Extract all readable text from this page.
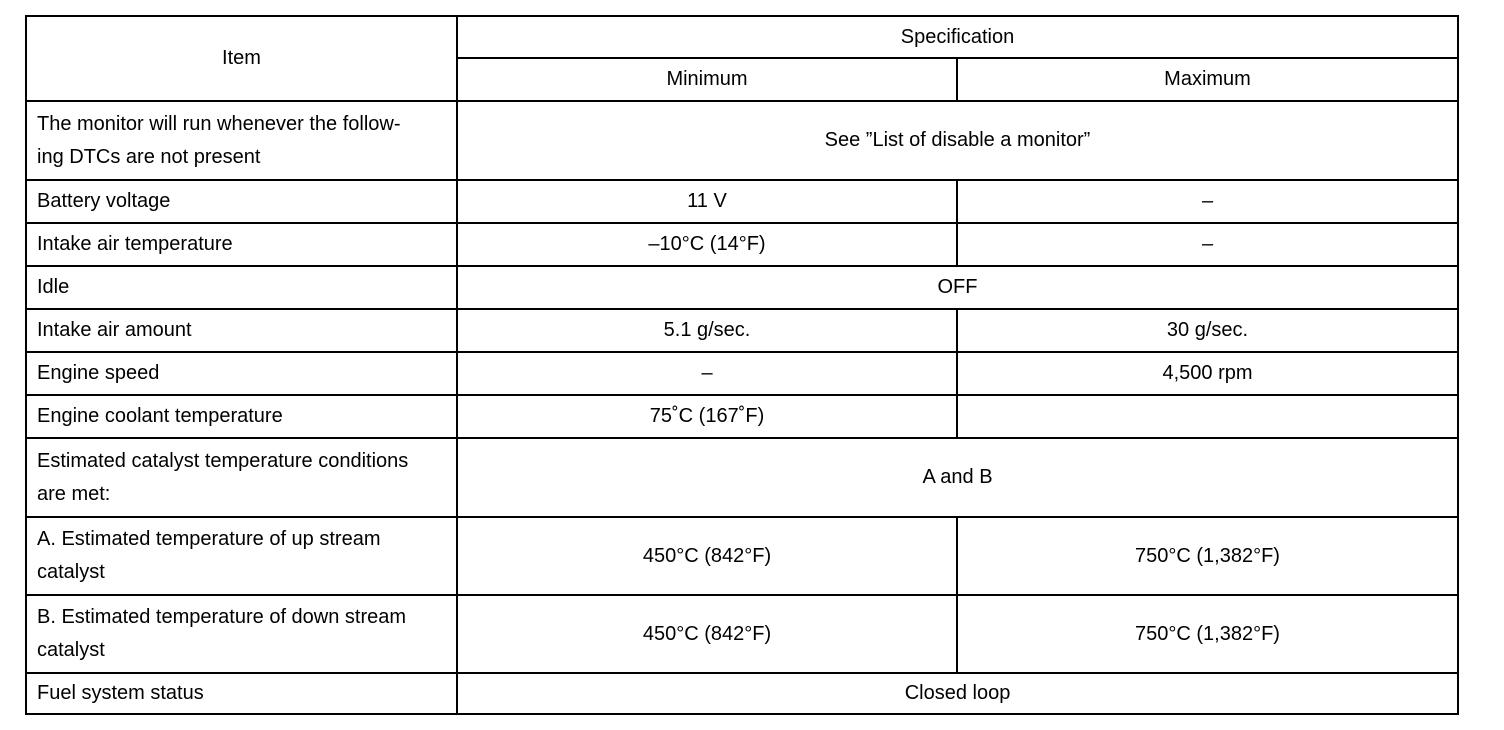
Item	Specification	
	Minimum	Maximum
The monitor will run whenever the follow-
ing DTCs are not present	See ”List of disable a monitor”	
Battery voltage	11 V	–
Intake air temperature	–10°C (14°F)	–
Idle	OFF	
Intake air amount	5.1 g/sec.	30 g/sec.
Engine speed	–	4,500 rpm
Engine coolant temperature	75˚C (167˚F)	
Estimated catalyst temperature conditions
are met:	A and B	
A. Estimated temperature of up stream
catalyst	450°C (842°F)	750°C (1,382°F)
B. Estimated temperature of down stream
catalyst	450°C (842°F)	750°C (1,382°F)
Fuel system status	Closed loop	
